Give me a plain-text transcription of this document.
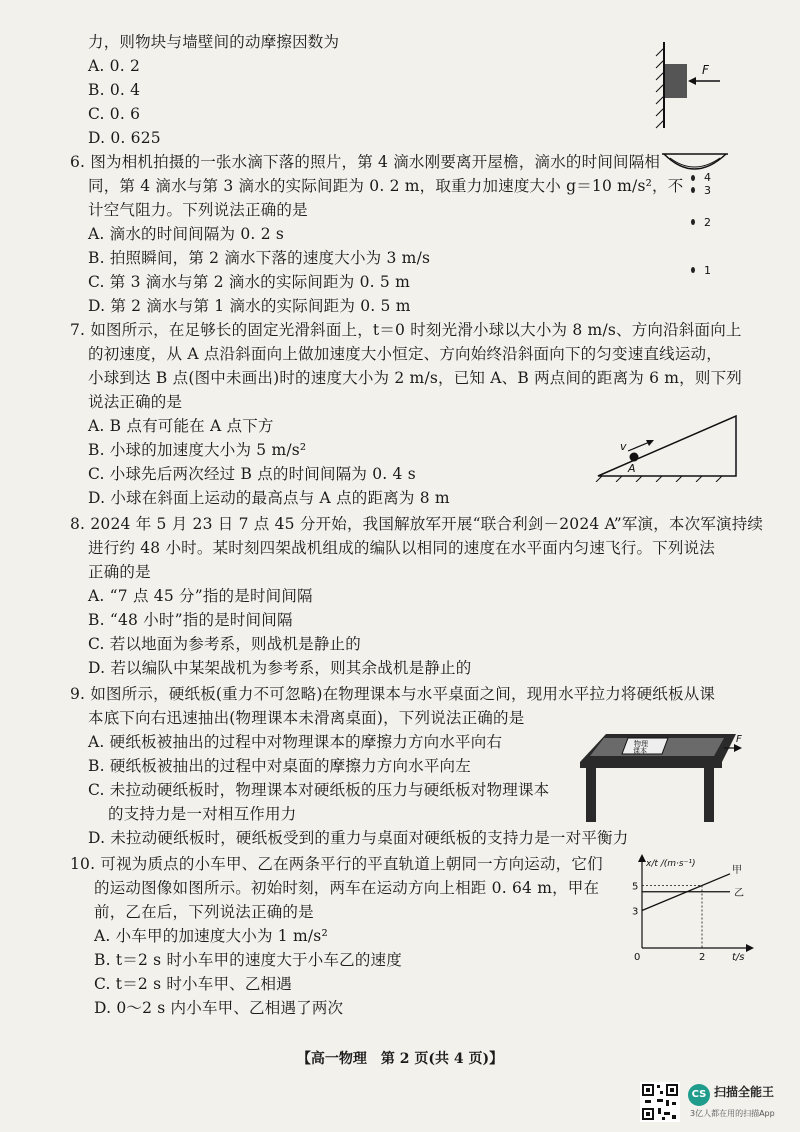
力，则物块与墙壁间的动摩擦因数为
A. 0. 2
B. 0. 4
C. 0. 6
D. 0. 625
F
6. 图为相机拍摄的一张水滴下落的照片，第 4 滴水刚要离开屋檐，滴水的时间间隔相
同，第 4 滴水与第 3 滴水的实际间距为 0. 2 m，取重力加速度大小 g＝10 m/s²，不
计空气阻力。下列说法正确的是
A. 滴水的时间间隔为 0. 2 s
B. 拍照瞬间，第 2 滴水下落的速度大小为 3 m/s
C. 第 3 滴水与第 2 滴水的实际间距为 0. 5 m
D. 第 2 滴水与第 1 滴水的实际间距为 0. 5 m
4
3
2
1
7. 如图所示，在足够长的固定光滑斜面上，t＝0 时刻光滑小球以大小为 8 m/s、方向沿斜面向上
的初速度，从 A 点沿斜面向上做加速度大小恒定、方向始终沿斜面向下的匀变速直线运动，
小球到达 B 点(图中未画出)时的速度大小为 2 m/s，已知 A、B 两点间的距离为 6 m，则下列
说法正确的是
A. B 点有可能在 A 点下方
B. 小球的加速度大小为 5 m/s²
C. 小球先后两次经过 B 点的时间间隔为 0. 4 s
D. 小球在斜面上运动的最高点与 A 点的距离为 8 m
v
A
8. 2024 年 5 月 23 日 7 点 45 分开始，我国解放军开展“联合利剑－2024 A”军演，本次军演持续
进行约 48 小时。某时刻四架战机组成的编队以相同的速度在水平面内匀速飞行。下列说法
正确的是
A. “7 点 45 分”指的是时间间隔
B. “48 小时”指的是时间间隔
C. 若以地面为参考系，则战机是静止的
D. 若以编队中某架战机为参考系，则其余战机是静止的
9. 如图所示，硬纸板(重力不可忽略)在物理课本与水平桌面之间，现用水平拉力将硬纸板从课
本底下向右迅速抽出(物理课本未滑离桌面)，下列说法正确的是
A. 硬纸板被抽出的过程中对物理课本的摩擦力方向水平向右
B. 硬纸板被抽出的过程中对桌面的摩擦力方向水平向左
C. 未拉动硬纸板时，物理课本对硬纸板的压力与硬纸板对物理课本
的支持力是一对相互作用力
D. 未拉动硬纸板时，硬纸板受到的重力与桌面对硬纸板的支持力是一对平衡力
物理
课本
F
10. 可视为质点的小车甲、乙在两条平行的平直轨道上朝同一方向运动，它们
的运动图像如图所示。初始时刻，两车在运动方向上相距 0. 64 m，甲在
前，乙在后，下列说法正确的是
A. 小车甲的加速度大小为 1 m/s²
B. t＝2 s 时小车甲的速度大于小车乙的速度
C. t＝2 s 时小车甲、乙相遇
D. 0～2 s 内小车甲、乙相遇了两次
x/t /(m·s⁻¹)
t/s
0	2
3
5
甲
乙
【高一物理　第 2 页(共 4 页)】
CS 扫描全能王
3亿人都在用的扫描App
